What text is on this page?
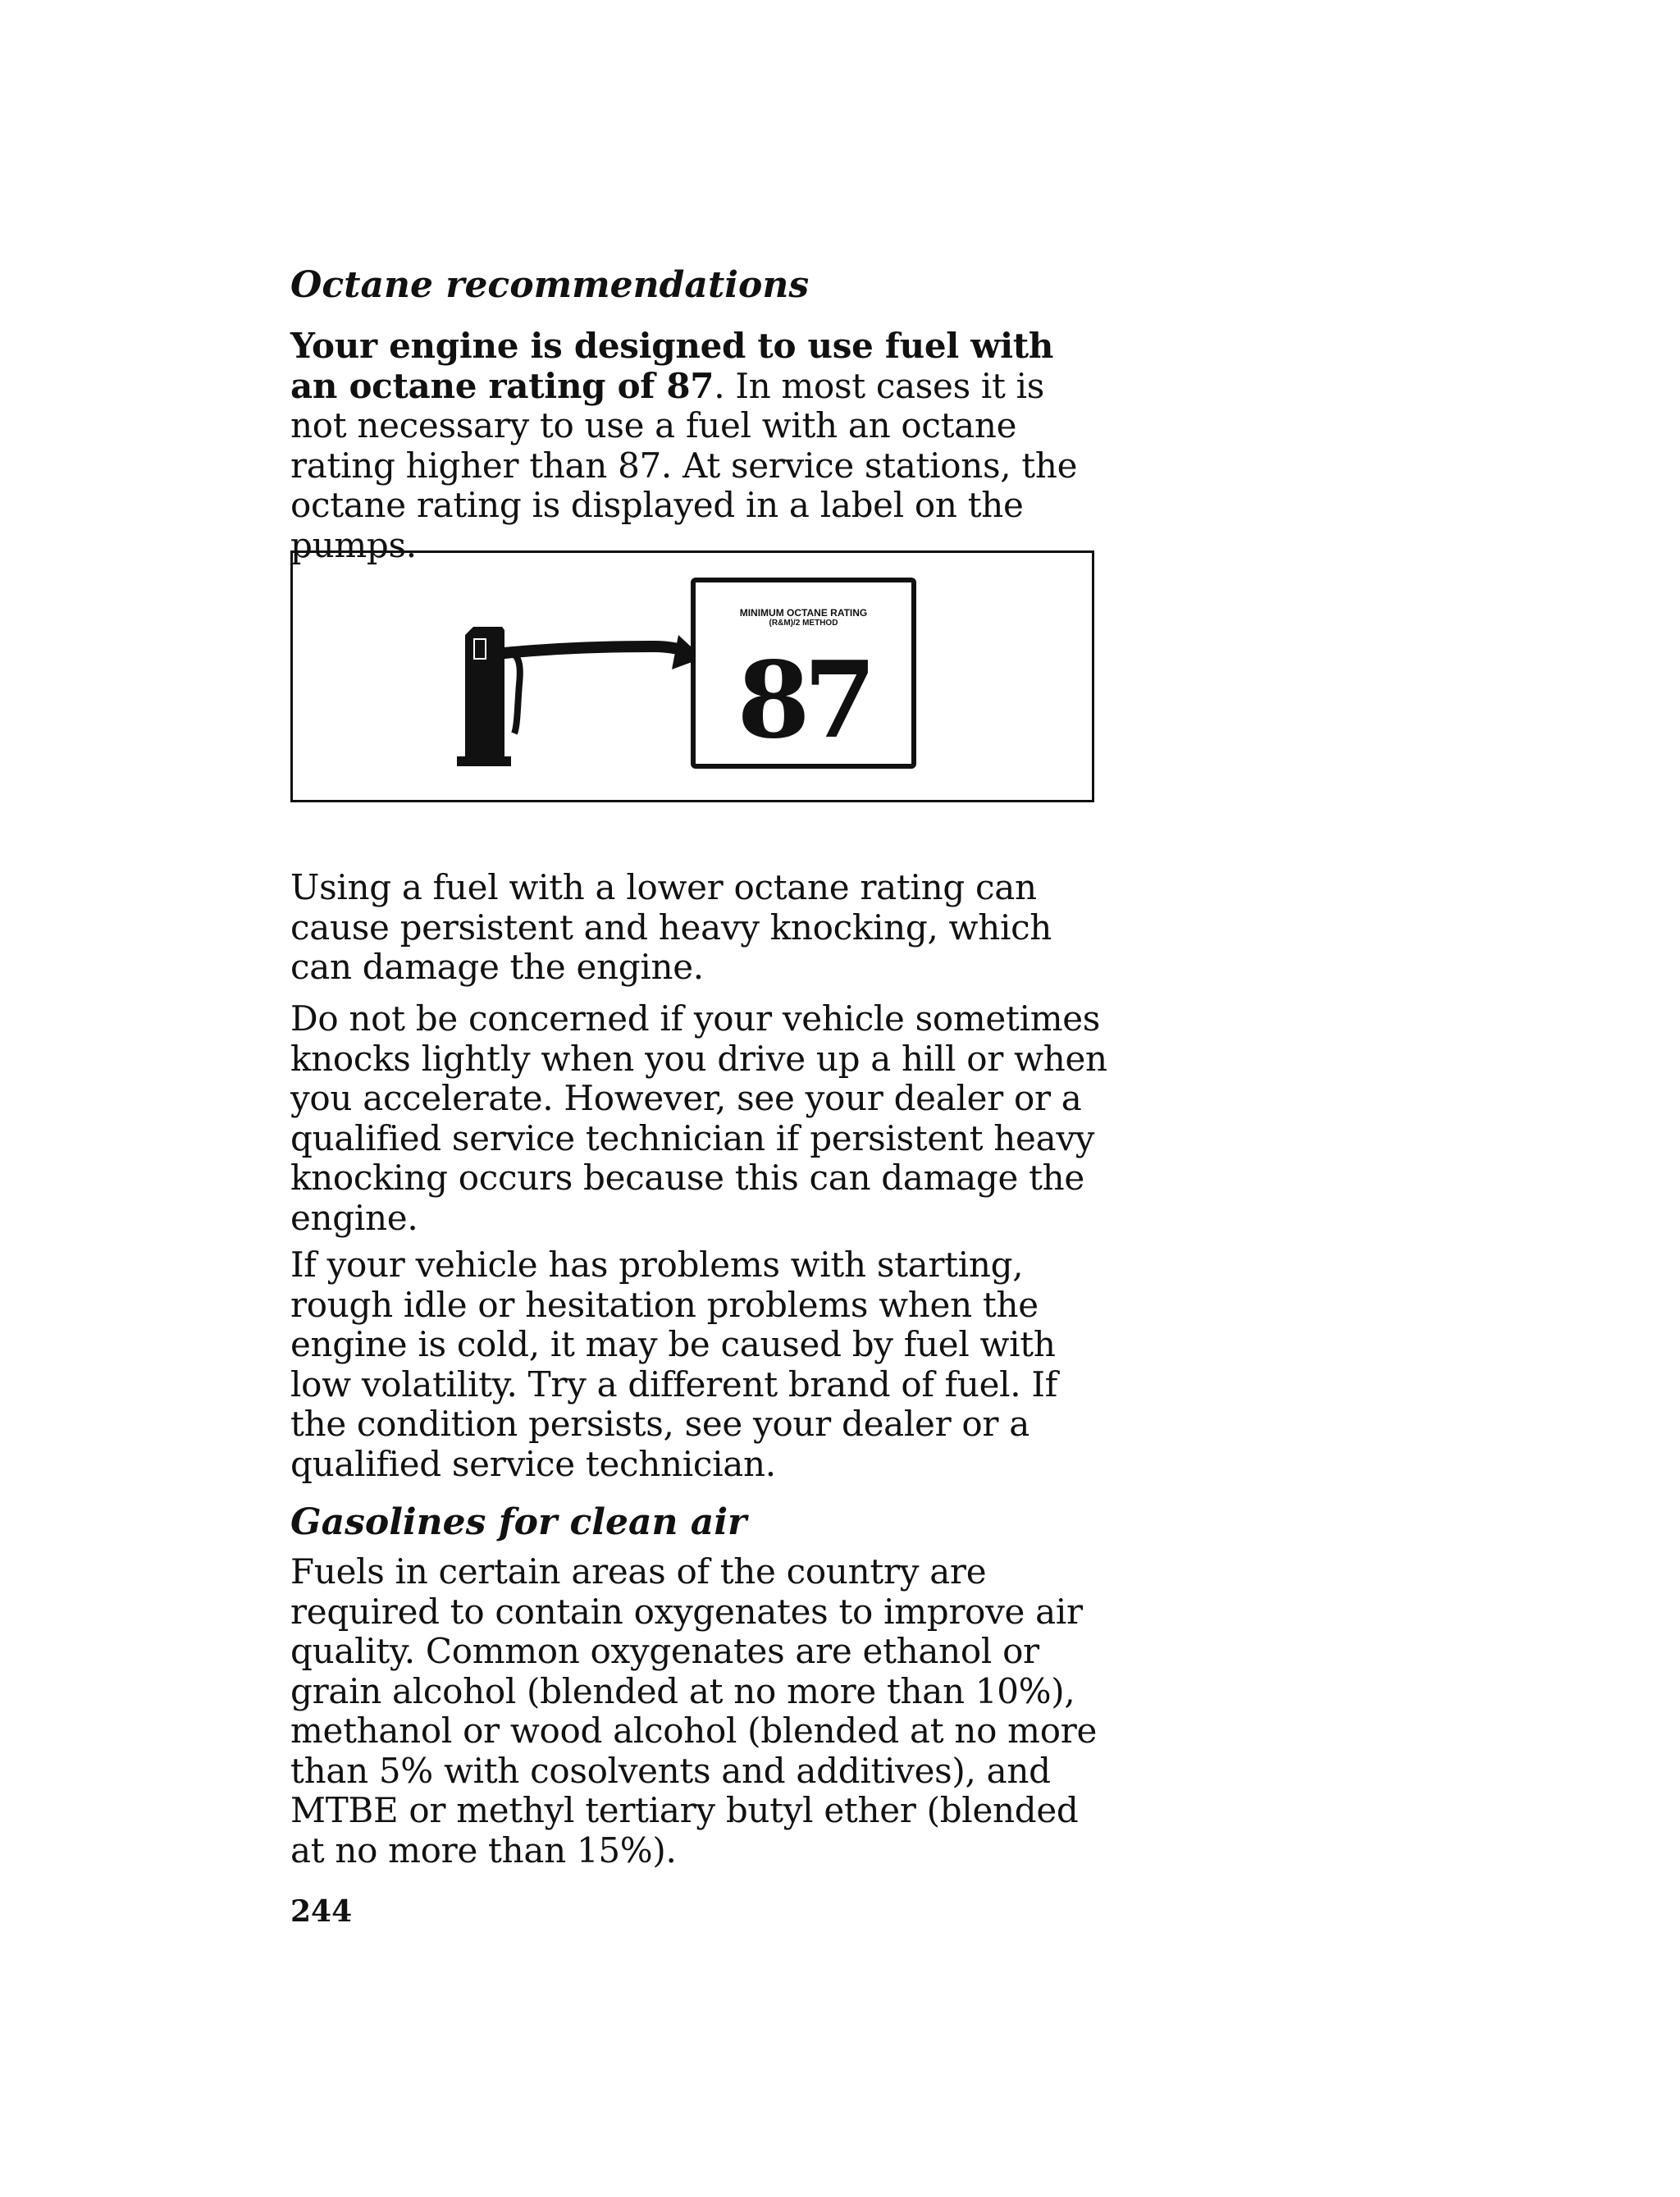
Octane recommendations

Your engine is designed to use fuel with an octane rating of 87. In most cases it is not necessary to use a fuel with an octane rating higher than 87. At service stations, the octane rating is displayed in a label on the pumps.

MINIMUM OCTANE RATING
(R&M)/2 METHOD
87

Using a fuel with a lower octane rating can cause persistent and heavy knocking, which can damage the engine.

Do not be concerned if your vehicle sometimes knocks lightly when you drive up a hill or when you accelerate. However, see your dealer or a qualified service technician if persistent heavy knocking occurs because this can damage the engine.

If your vehicle has problems with starting, rough idle or hesitation problems when the engine is cold, it may be caused by fuel with low volatility. Try a different brand of fuel. If the condition persists, see your dealer or a qualified service technician.

Gasolines for clean air

Fuels in certain areas of the country are required to contain oxygenates to improve air quality. Common oxygenates are ethanol or grain alcohol (blended at no more than 10%), methanol or wood alcohol (blended at no more than 5% with cosolvents and additives), and MTBE or methyl tertiary butyl ether (blended at no more than 15%).

244
